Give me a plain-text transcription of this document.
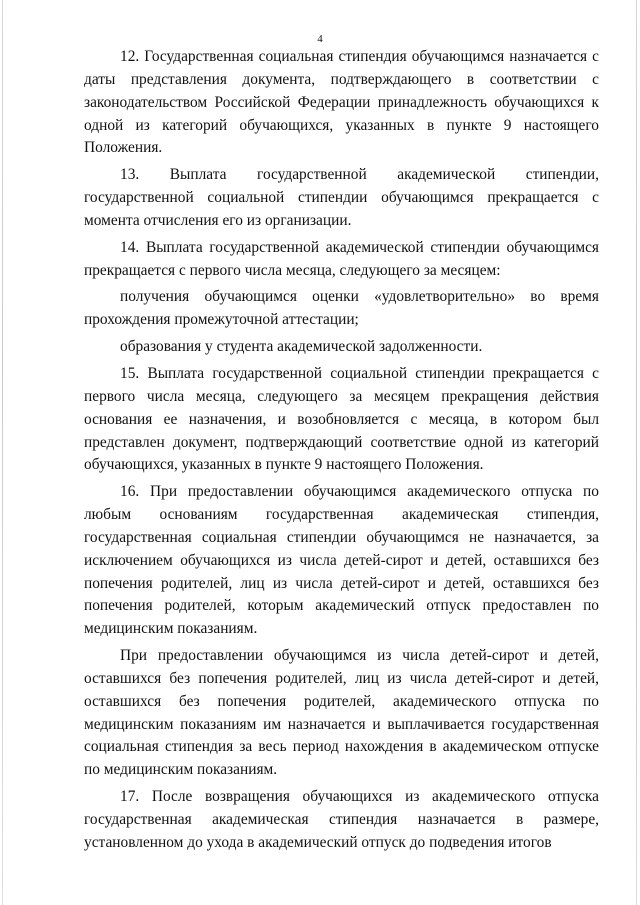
4

12. Государственная социальная стипендия обучающимся назначается с даты представления документа, подтверждающего в соответствии с законодательством Российской Федерации принадлежность обучающихся к одной из категорий обучающихся, указанных в пункте 9 настоящего Положения.

13. Выплата государственной академической стипендии, государственной социальной стипендии обучающимся прекращается с момента отчисления его из организации.

14. Выплата государственной академической стипендии обучающимся прекращается с первого числа месяца, следующего за месяцем:

получения обучающимся оценки «удовлетворительно» во время прохождения промежуточной аттестации;

образования у студента академической задолженности.

15. Выплата государственной социальной стипендии прекращается с первого числа месяца, следующего за месяцем прекращения действия основания ее назначения, и возобновляется с месяца, в котором был представлен документ, подтверждающий соответствие одной из категорий обучающихся, указанных в пункте 9 настоящего Положения.

16. При предоставлении обучающимся академического отпуска по любым основаниям государственная академическая стипендия, государственная социальная стипендии обучающимся не назначается, за исключением обучающихся из числа детей-сирот и детей, оставшихся без попечения родителей, лиц из числа детей-сирот и детей, оставшихся без попечения родителей, которым академический отпуск предоставлен по медицинским показаниям.

При предоставлении обучающимся из числа детей-сирот и детей, оставшихся без попечения родителей, лиц из числа детей-сирот и детей, оставшихся без попечения родителей, академического отпуска по медицинским показаниям им назначается и выплачивается государственная социальная стипендия за весь период нахождения в академическом отпуске по медицинским показаниям.

17. После возвращения обучающихся из академического отпуска государственная академическая стипендия назначается в размере, установленном до ухода в академический отпуск до подведения итогов
